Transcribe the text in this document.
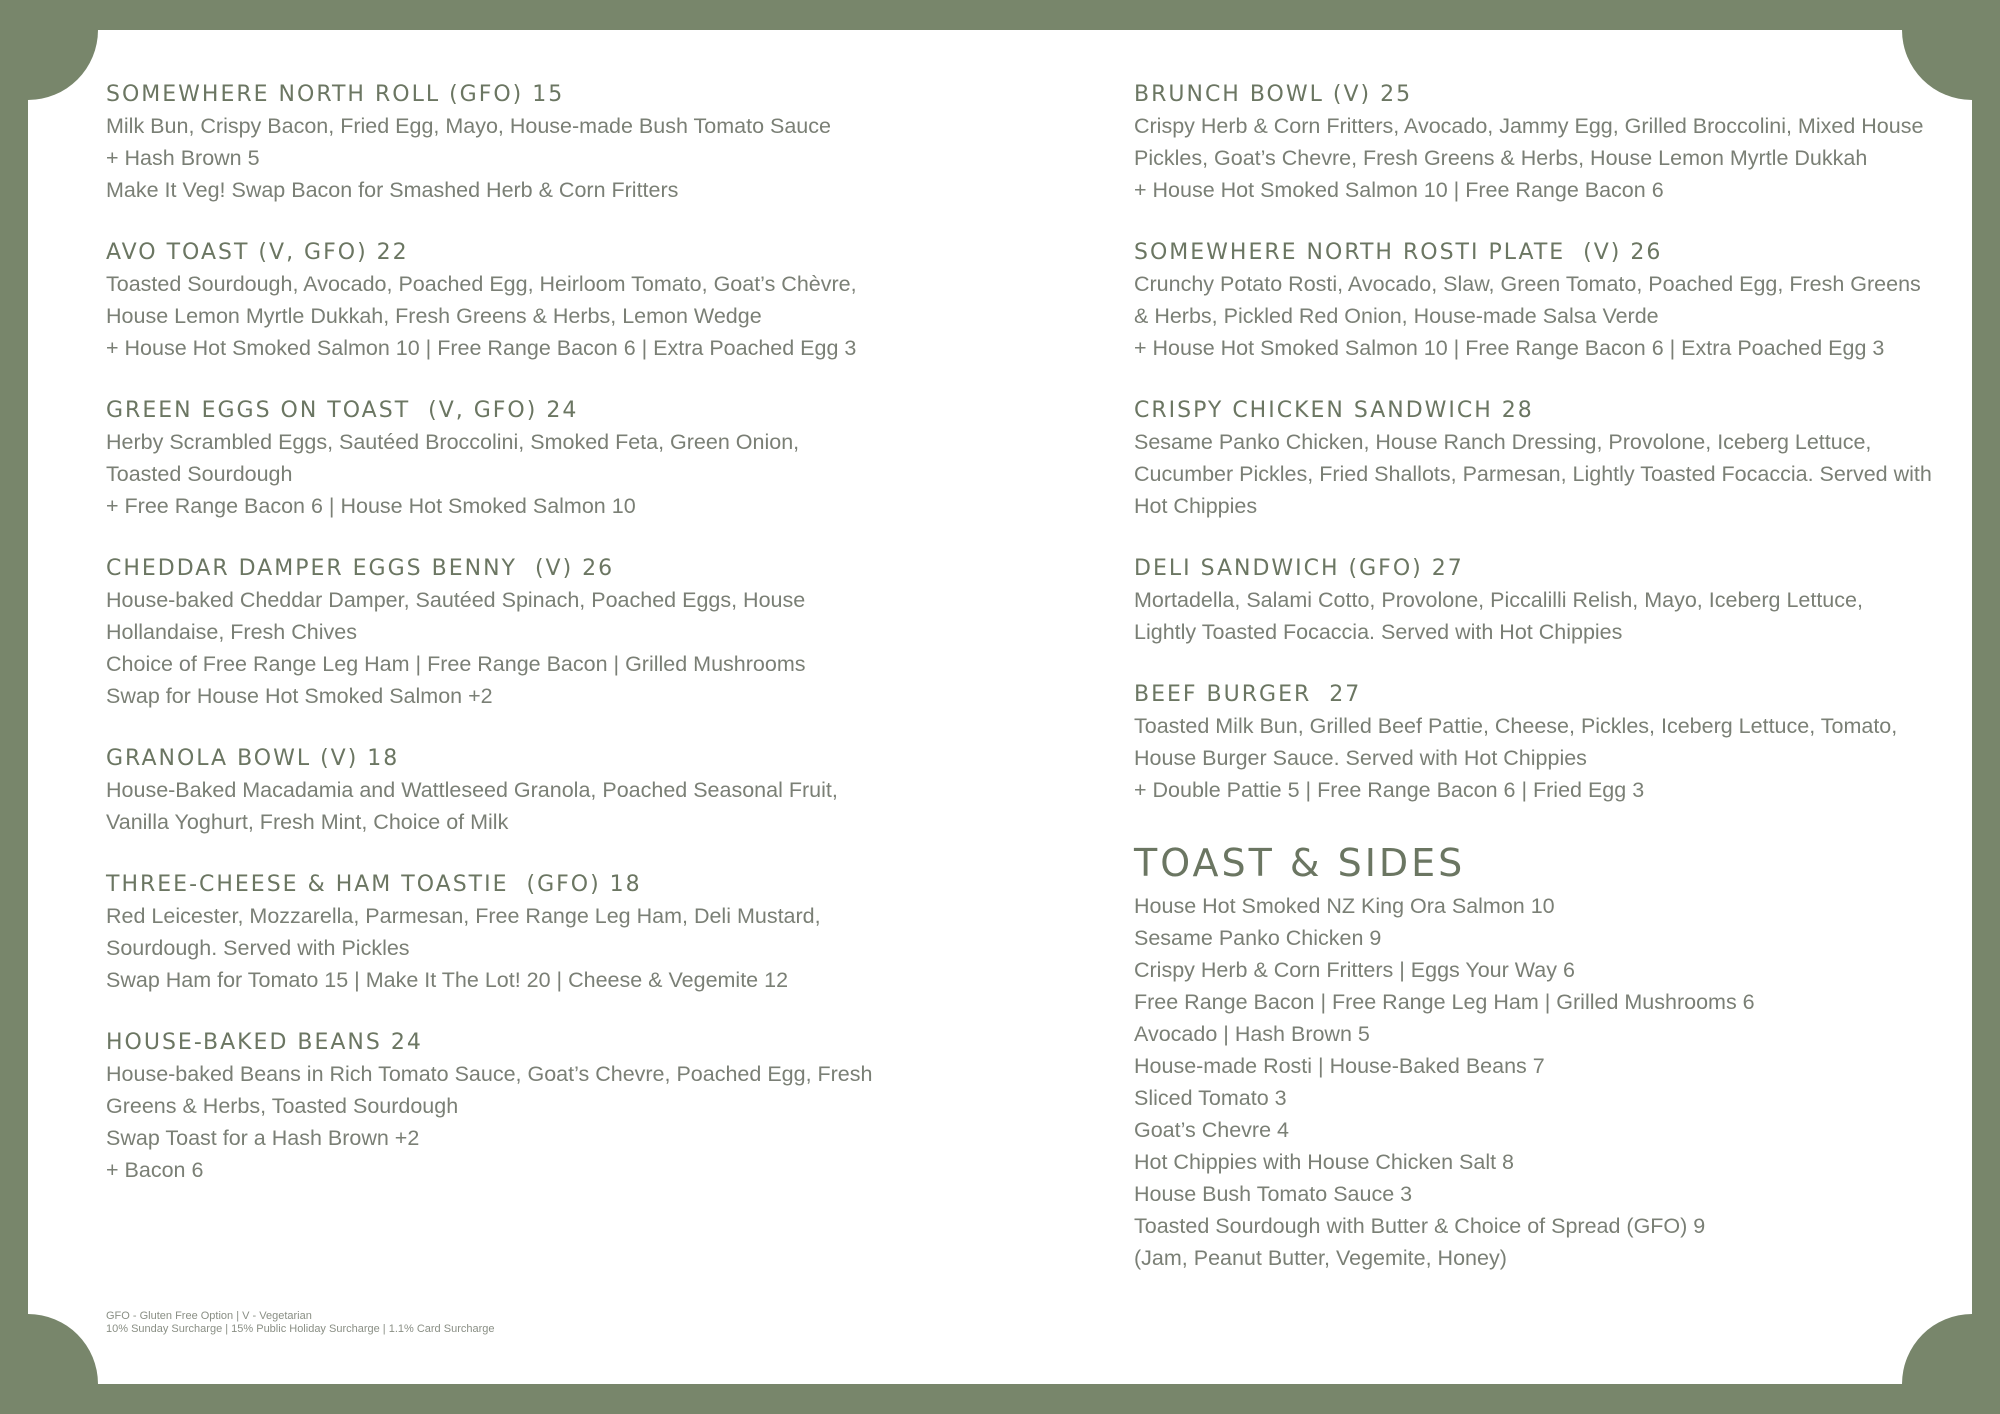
SOMEWHERE NORTH ROLL (GFO) 15
Milk Bun, Crispy Bacon, Fried Egg, Mayo, House-made Bush Tomato Sauce
+ Hash Brown 5
Make It Veg! Swap Bacon for Smashed Herb & Corn Fritters
AVO TOAST (V, GFO) 22
Toasted Sourdough, Avocado, Poached Egg, Heirloom Tomato, Goat’s Chèvre,
House Lemon Myrtle Dukkah, Fresh Greens & Herbs, Lemon Wedge
+ House Hot Smoked Salmon 10 | Free Range Bacon 6 | Extra Poached Egg 3
GREEN EGGS ON TOAST  (V, GFO) 24
Herby Scrambled Eggs, Sautéed Broccolini, Smoked Feta, Green Onion,
Toasted Sourdough
+ Free Range Bacon 6 | House Hot Smoked Salmon 10
CHEDDAR DAMPER EGGS BENNY  (V) 26
House-baked Cheddar Damper, Sautéed Spinach, Poached Eggs, House
Hollandaise, Fresh Chives
Choice of Free Range Leg Ham | Free Range Bacon | Grilled Mushrooms
Swap for House Hot Smoked Salmon +2
GRANOLA BOWL (V) 18
House-Baked Macadamia and Wattleseed Granola, Poached Seasonal Fruit,
Vanilla Yoghurt, Fresh Mint, Choice of Milk
THREE-CHEESE & HAM TOASTIE  (GFO) 18
Red Leicester, Mozzarella, Parmesan, Free Range Leg Ham, Deli Mustard,
Sourdough. Served with Pickles
Swap Ham for Tomato 15 | Make It The Lot! 20 | Cheese & Vegemite 12
HOUSE-BAKED BEANS 24
House-baked Beans in Rich Tomato Sauce, Goat’s Chevre, Poached Egg, Fresh
Greens & Herbs, Toasted Sourdough
Swap Toast for a Hash Brown +2
+ Bacon 6
BRUNCH BOWL (V) 25
Crispy Herb & Corn Fritters, Avocado, Jammy Egg, Grilled Broccolini, Mixed House
Pickles, Goat’s Chevre, Fresh Greens & Herbs, House Lemon Myrtle Dukkah
+ House Hot Smoked Salmon 10 | Free Range Bacon 6
SOMEWHERE NORTH ROSTI PLATE  (V) 26
Crunchy Potato Rosti, Avocado, Slaw, Green Tomato, Poached Egg, Fresh Greens
& Herbs, Pickled Red Onion, House-made Salsa Verde
+ House Hot Smoked Salmon 10 | Free Range Bacon 6 | Extra Poached Egg 3
CRISPY CHICKEN SANDWICH 28
Sesame Panko Chicken, House Ranch Dressing, Provolone, Iceberg Lettuce,
Cucumber Pickles, Fried Shallots, Parmesan, Lightly Toasted Focaccia. Served with
Hot Chippies
DELI SANDWICH (GFO) 27
Mortadella, Salami Cotto, Provolone, Piccalilli Relish, Mayo, Iceberg Lettuce,
Lightly Toasted Focaccia. Served with Hot Chippies
BEEF BURGER  27
Toasted Milk Bun, Grilled Beef Pattie, Cheese, Pickles, Iceberg Lettuce, Tomato,
House Burger Sauce. Served with Hot Chippies
+ Double Pattie 5 | Free Range Bacon 6 | Fried Egg 3
TOAST & SIDES
House Hot Smoked NZ King Ora Salmon 10
Sesame Panko Chicken 9
Crispy Herb & Corn Fritters | Eggs Your Way 6
Free Range Bacon | Free Range Leg Ham | Grilled Mushrooms 6
Avocado | Hash Brown 5
House-made Rosti | House-Baked Beans 7
Sliced Tomato 3
Goat’s Chevre 4
Hot Chippies with House Chicken Salt 8
House Bush Tomato Sauce 3
Toasted Sourdough with Butter & Choice of Spread (GFO) 9
(Jam, Peanut Butter, Vegemite, Honey)
GFO - Gluten Free Option | V - Vegetarian
10% Sunday Surcharge | 15% Public Holiday Surcharge | 1.1% Card Surcharge
